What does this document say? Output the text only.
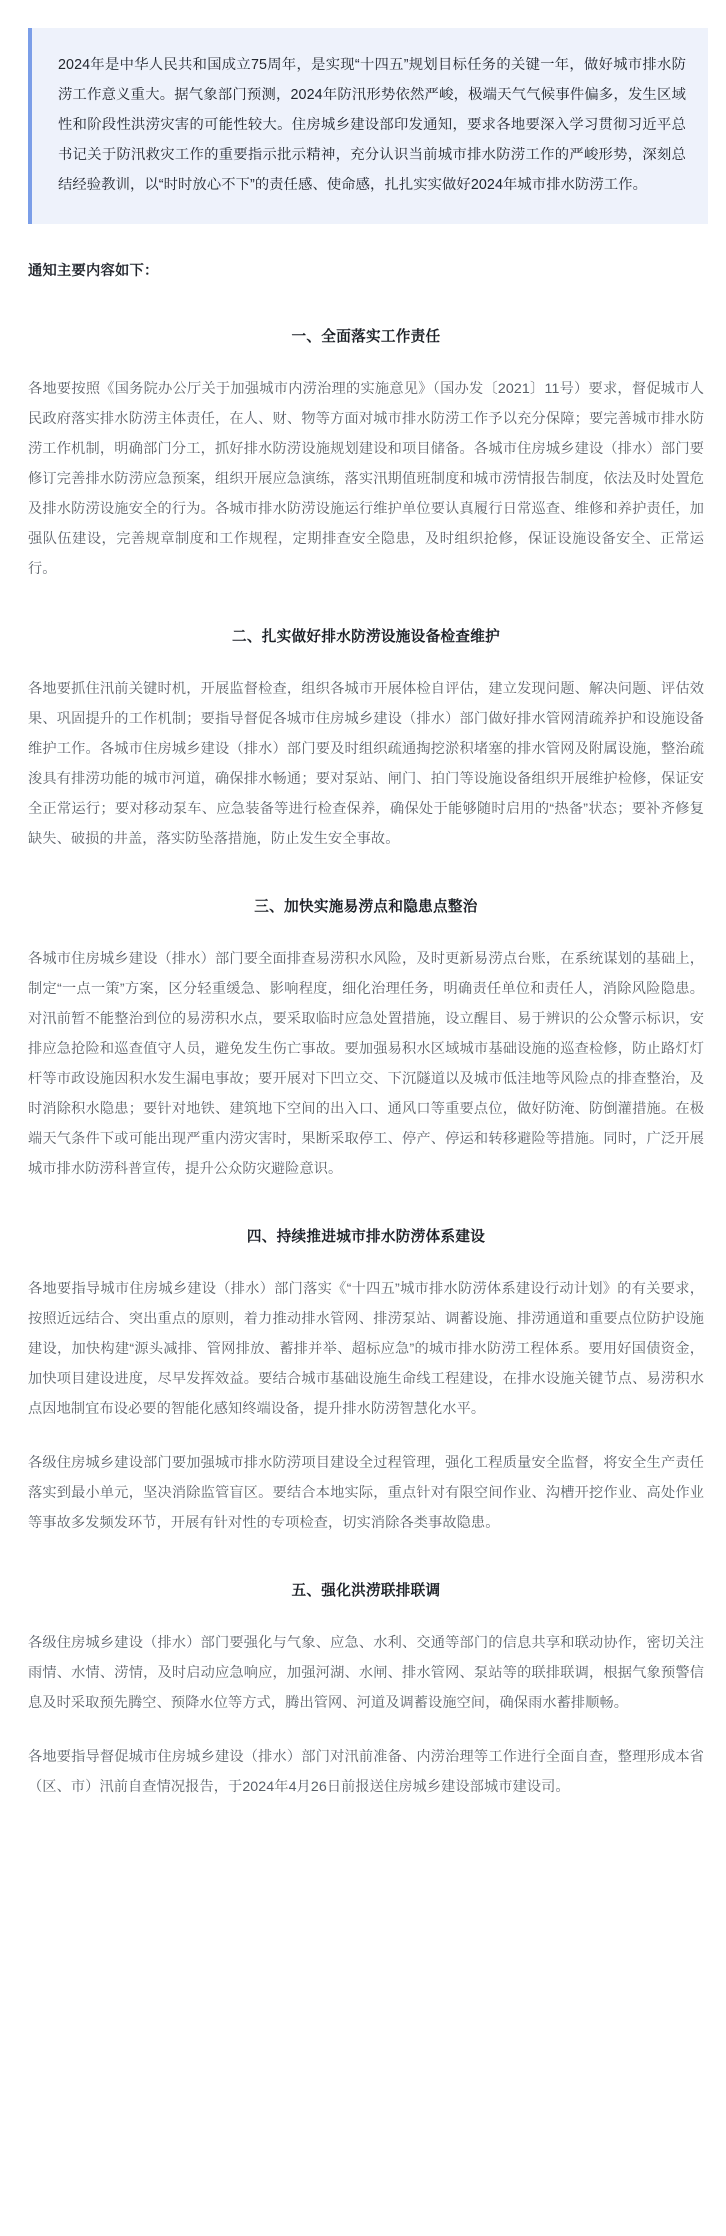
2024年是中华人民共和国成立75周年，是实现“十四五”规划目标任务的关键一年，做好城市排水防涝工作意义重大。据气象部门预测，2024年防汛形势依然严峻，极端天气气候事件偏多，发生区域性和阶段性洪涝灾害的可能性较大。住房城乡建设部印发通知，要求各地要深入学习贯彻习近平总书记关于防汛救灾工作的重要指示批示精神，充分认识当前城市排水防涝工作的严峻形势，深刻总结经验教训，以“时时放心不下”的责任感、使命感，扎扎实实做好2024年城市排水防涝工作。

通知主要内容如下：
一、全面落实工作责任

各地要按照《国务院办公厅关于加强城市内涝治理的实施意见》（国办发〔2021〕11号）要求，督促城市人民政府落实排水防涝主体责任，在人、财、物等方面对城市排水防涝工作予以充分保障；要完善城市排水防涝工作机制，明确部门分工，抓好排水防涝设施规划建设和项目储备。各城市住房城乡建设（排水）部门要修订完善排水防涝应急预案，组织开展应急演练，落实汛期值班制度和城市涝情报告制度，依法及时处置危及排水防涝设施安全的行为。各城市排水防涝设施运行维护单位要认真履行日常巡查、维修和养护责任，加强队伍建设，完善规章制度和工作规程，定期排查安全隐患，及时组织抢修，保证设施设备安全、正常运行。

二、扎实做好排水防涝设施设备检查维护

各地要抓住汛前关键时机，开展监督检查，组织各城市开展体检自评估，建立发现问题、解决问题、评估效果、巩固提升的工作机制；要指导督促各城市住房城乡建设（排水）部门做好排水管网清疏养护和设施设备维护工作。各城市住房城乡建设（排水）部门要及时组织疏通掏挖淤积堵塞的排水管网及附属设施，整治疏浚具有排涝功能的城市河道，确保排水畅通；要对泵站、闸门、拍门等设施设备组织开展维护检修，保证安全正常运行；要对移动泵车、应急装备等进行检查保养，确保处于能够随时启用的“热备”状态；要补齐修复缺失、破损的井盖，落实防坠落措施，防止发生安全事故。

三、加快实施易涝点和隐患点整治

各城市住房城乡建设（排水）部门要全面排查易涝积水风险，及时更新易涝点台账，在系统谋划的基础上，制定“一点一策”方案，区分轻重缓急、影响程度，细化治理任务，明确责任单位和责任人，消除风险隐患。对汛前暂不能整治到位的易涝积水点，要采取临时应急处置措施，设立醒目、易于辨识的公众警示标识，安排应急抢险和巡查值守人员，避免发生伤亡事故。要加强易积水区域城市基础设施的巡查检修，防止路灯灯杆等市政设施因积水发生漏电事故；要开展对下凹立交、下沉隧道以及城市低洼地等风险点的排查整治，及时消除积水隐患；要针对地铁、建筑地下空间的出入口、通风口等重要点位，做好防淹、防倒灌措施。在极端天气条件下或可能出现严重内涝灾害时，果断采取停工、停产、停运和转移避险等措施。同时，广泛开展城市排水防涝科普宣传，提升公众防灾避险意识。

四、持续推进城市排水防涝体系建设

各地要指导城市住房城乡建设（排水）部门落实《“十四五”城市排水防涝体系建设行动计划》的有关要求，按照近远结合、突出重点的原则，着力推动排水管网、排涝泵站、调蓄设施、排涝通道和重要点位防护设施建设，加快构建“源头减排、管网排放、蓄排并举、超标应急”的城市排水防涝工程体系。要用好国债资金，加快项目建设进度，尽早发挥效益。要结合城市基础设施生命线工程建设，在排水设施关键节点、易涝积水点因地制宜布设必要的智能化感知终端设备，提升排水防涝智慧化水平。

各级住房城乡建设部门要加强城市排水防涝项目建设全过程管理，强化工程质量安全监督，将安全生产责任落实到最小单元，坚决消除监管盲区。要结合本地实际，重点针对有限空间作业、沟槽开挖作业、高处作业等事故多发频发环节，开展有针对性的专项检查，切实消除各类事故隐患。

五、强化洪涝联排联调

各级住房城乡建设（排水）部门要强化与气象、应急、水利、交通等部门的信息共享和联动协作，密切关注雨情、水情、涝情，及时启动应急响应，加强河湖、水闸、排水管网、泵站等的联排联调，根据气象预警信息及时采取预先腾空、预降水位等方式，腾出管网、河道及调蓄设施空间，确保雨水蓄排顺畅。

各地要指导督促城市住房城乡建设（排水）部门对汛前准备、内涝治理等工作进行全面自查，整理形成本省（区、市）汛前自查情况报告，于2024年4月26日前报送住房城乡建设部城市建设司。
